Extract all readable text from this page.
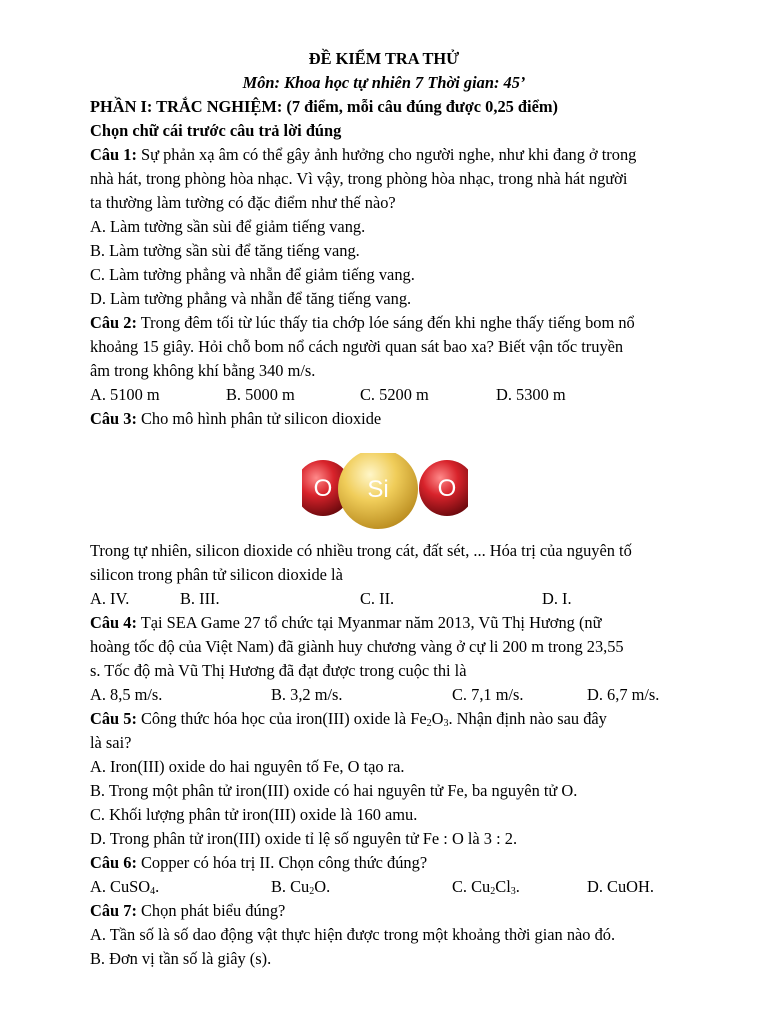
ĐỀ KIỂM TRA THỬ
Môn: Khoa học tự nhiên 7 Thời gian: 45’
PHẦN I: TRẮC NGHIỆM: (7 điểm, mỗi câu đúng được 0,25 điểm)
Chọn chữ cái trước câu trả lời đúng
Câu 1: Sự phản xạ âm có thể gây ảnh hưởng cho người nghe, như khi đang ở trong
nhà hát, trong phòng hòa nhạc. Vì vậy, trong phòng hòa nhạc, trong nhà hát người
ta thường làm tường có đặc điểm như thế nào?
A. Làm tường sần sùi để giảm tiếng vang.
B. Làm tường sần sùi để tăng tiếng vang.
C. Làm tường phẳng và nhẵn để giảm tiếng vang.
D. Làm tường phẳng và nhẵn để tăng tiếng vang.
Câu 2: Trong đêm tối từ lúc thấy tia chớp lóe sáng đến khi nghe thấy tiếng bom nổ
khoảng 15 giây. Hỏi chỗ bom nổ cách người quan sát bao xa? Biết vận tốc truyền
âm trong không khí bằng 340 m/s.
A. 5100 m	B. 5000 m	C. 5200 m	D. 5300 m
Câu 3: Cho mô hình phân tử silicon dioxide
O Si O
Trong tự nhiên, silicon dioxide có nhiều trong cát, đất sét, ... Hóa trị của nguyên tố
silicon trong phân tử silicon dioxide là
A. IV.	B. III.	C. II.	D. I.
Câu 4: Tại SEA Game 27 tổ chức tại Myanmar năm 2013, Vũ Thị Hương (nữ
hoàng tốc độ của Việt Nam) đã giành huy chương vàng ở cự li 200 m trong 23,55
s. Tốc độ mà Vũ Thị Hương đã đạt được trong cuộc thi là
A. 8,5 m/s.	B. 3,2 m/s.	C. 7,1 m/s.	D. 6,7 m/s.
Câu 5: Công thức hóa học của iron(III) oxide là $Fe_2O_3$. Nhận định nào sau đây
là sai?
A. Iron(III) oxide do hai nguyên tố Fe, O tạo ra.
B. Trong một phân tử iron(III) oxide có hai nguyên tử Fe, ba nguyên tử O.
C. Khối lượng phân tử iron(III) oxide là 160 amu.
D. Trong phân tử iron(III) oxide tỉ lệ số nguyên tử Fe : O là 3 : 2.
Câu 6: Copper có hóa trị II. Chọn công thức đúng?
A. CuSO$_4$.	B. $Cu_2O$.	C. $Cu_2Cl_3$.	D. CuOH.
Câu 7: Chọn phát biểu đúng?
A. Tần số là số dao động vật thực hiện được trong một khoảng thời gian nào đó.
B. Đơn vị tần số là giây (s).
